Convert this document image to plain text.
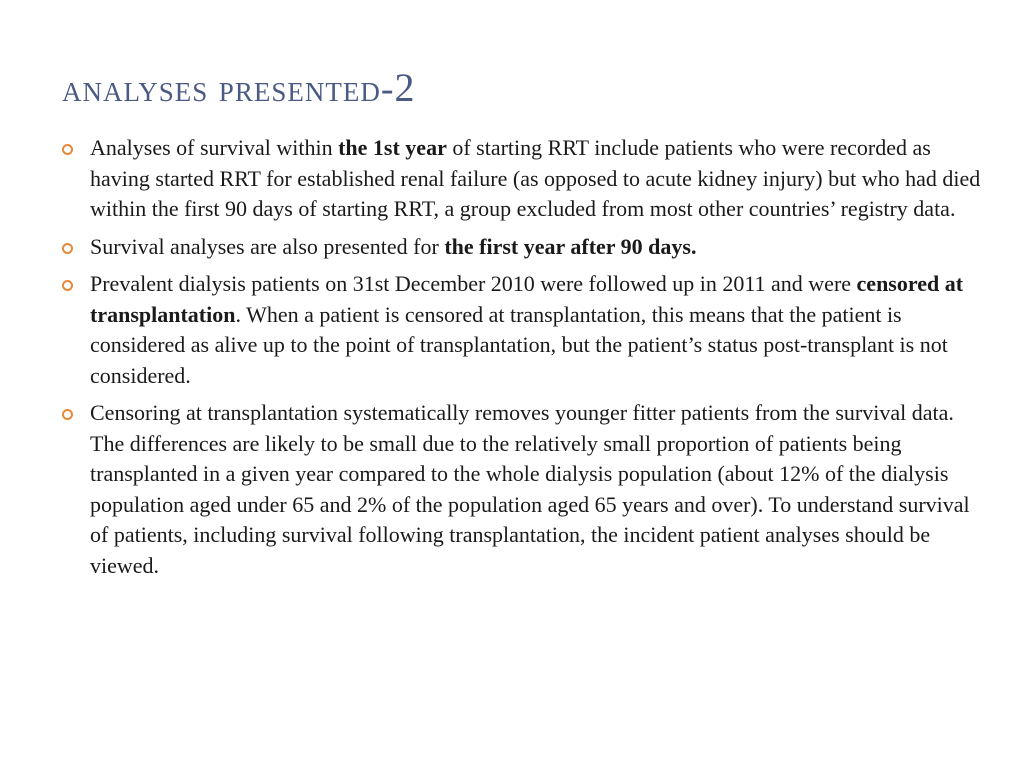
analyses presented-2
Analyses of survival within the 1st year of starting RRT include patients who were recorded as having started RRT for established renal failure (as opposed to acute kidney injury) but who had died within the first 90 days of starting RRT, a group excluded from most other countries’ registry data.
Survival analyses are also presented for the first year after 90 days.
Prevalent dialysis patients on 31st December 2010 were followed up in 2011 and were censored at transplantation. When a patient is censored at transplantation, this means that the patient is considered as alive up to the point of transplantation, but the patient’s status post-transplant is not considered.
Censoring at transplantation systematically removes younger fitter patients from the survival data. The differences are likely to be small due to the relatively small proportion of patients being transplanted in a given year compared to the whole dialysis population (about 12% of the dialysis population aged under 65 and 2% of the population aged 65 years and over). To understand survival of patients, including survival following transplantation, the incident patient analyses should be viewed.
